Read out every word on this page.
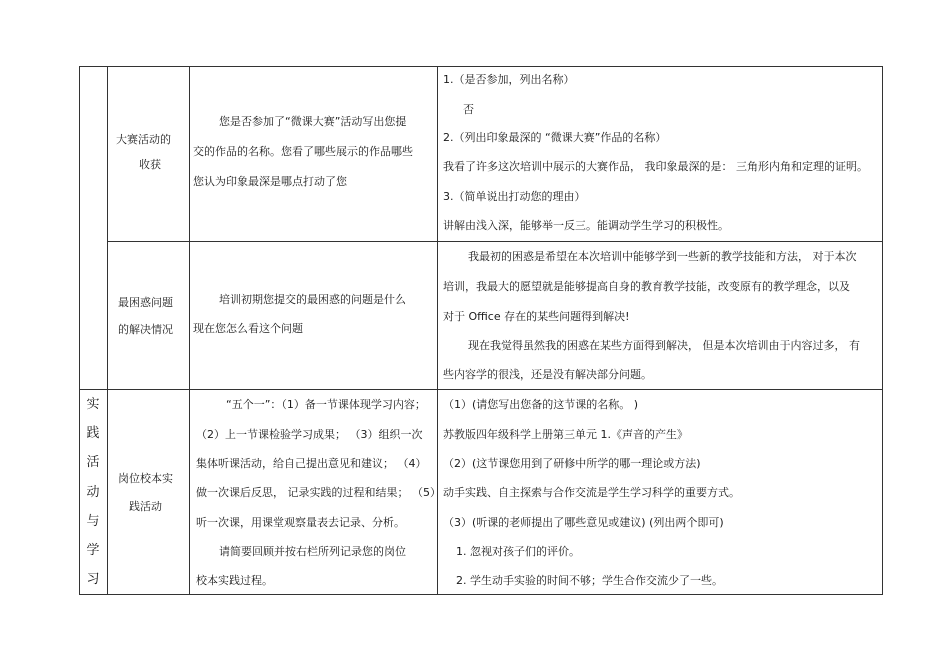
大赛活动的
收获
您是否参加了“微课大赛”活动写出您提
交的作品的名称。您看了哪些展示的作品哪些
您认为印象最深是哪点打动了您
1.（是否参加，列出名称）
否
2.（列出印象最深的 “微课大赛”作品的名称）
我看了许多这次培训中展示的大赛作品， 我印象最深的是： 三角形内角和定理的证明。
3.（简单说出打动您的理由）
讲解由浅入深，能够举一反三。能调动学生学习的积极性。
最困惑问题
的解决情况
培训初期您提交的最困惑的问题是什么
现在您怎么看这个问题
我最初的困惑是希望在本次培训中能够学到一些新的教学技能和方法， 对于本次
培训，我最大的愿望就是能够提高自身的教育教学技能，改变原有的教学理念，以及
对于 Office 存在的某些问题得到解决!
现在我觉得虽然我的困惑在某些方面得到解决， 但是本次培训由于内容过多， 有
些内容学的很浅，还是没有解决部分问题。
实
践
活
动
与
学
习
岗位校本实
践活动
“五个一”：（1）备一节课体现学习内容；
（2）上一节课检验学习成果； （3）组织一次
集体听课活动，给自己提出意见和建议； （4）
做一次课后反思， 记录实践的过程和结果； （5）
听一次课，用课堂观察量表去记录、分析。
请简要回顾并按右栏所列记录您的岗位
校本实践过程。
（1）(请您写出您备的这节课的名称。 )
苏教版四年级科学上册第三单元 1.《声音的产生》
（2）(这节课您用到了研修中所学的哪一理论或方法)
动手实践、自主探索与合作交流是学生学习科学的重要方式。
（3）(听课的老师提出了哪些意见或建议) (列出两个即可)
1. 忽视对孩子们的评价。
2. 学生动手实验的时间不够；学生合作交流少了一些。
